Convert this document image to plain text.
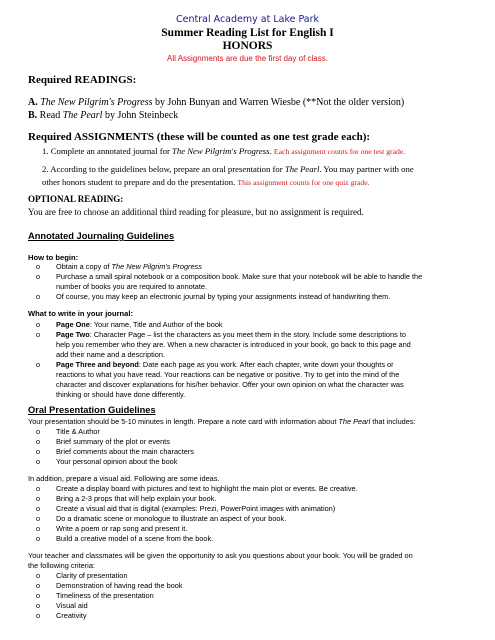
Central Academy at Lake Park
Summer Reading List for English I
HONORS
All Assignments are due the first day of class.
Required READINGS:
A. The New Pilgrim's Progress by John Bunyan and Warren Wiesbe (**Not the older version)
B. Read The Pearl by John Steinbeck
Required ASSIGNMENTS (these will be counted as one test grade each):
1. Complete an annotated journal for The New Pilgrim's Progress. Each assignment counts for one test grade.
2. According to the guidelines below, prepare an oral presentation for The Pearl. You may partner with one
other honors student to prepare and do the presentation. This assignment counts for one quiz grade.
OPTIONAL READING:
You are free to choose an additional third reading for pleasure, but no assignment is required.
Annotated Journaling Guidelines
How to begin:
o Obtain a copy of The New Pilgrim's Progress
o Purchase a small spiral notebook or a composition book. Make sure that your notebook will be able to handle the
number of books you are required to annotate.
o Of course, you may keep an electronic journal by typing your assignments instead of handwriting them.
What to write in your journal:
o Page One: Your name, Title and Author of the book
o Page Two: Character Page – list the characters as you meet them in the story. Include some descriptions to
help you remember who they are. When a new character is introduced in your book, go back to this page and
add their name and a description.
o Page Three and beyond: Date each page as you work. After each chapter, write down your thoughts or
reactions to what you have read. Your reactions can be negative or positive. Try to get into the mind of the
character and discover explanations for his/her behavior. Offer your own opinion on what the character was
thinking or should have done differently.
Oral Presentation Guidelines
Your presentation should be 5-10 minutes in length. Prepare a note card with information about The Pearl that includes:
o Title & Author
o Brief summary of the plot or events
o Brief comments about the main characters
o Your personal opinion about the book
In addition, prepare a visual aid. Following are some ideas.
o Create a display board with pictures and text to highlight the main plot or events. Be creative.
o Bring a 2-3 props that will help explain your book.
o Create a visual aid that is digital (examples: Prezi, PowerPoint images with animation)
o Do a dramatic scene or monologue to illustrate an aspect of your book.
o Write a poem or rap song and present it.
o Build a creative model of a scene from the book.
Your teacher and classmates will be given the opportunity to ask you questions about your book. You will be graded on
the following criteria:
o Clarity of presentation
o Demonstration of having read the book
o Timeliness of the presentation
o Visual aid
o Creativity
